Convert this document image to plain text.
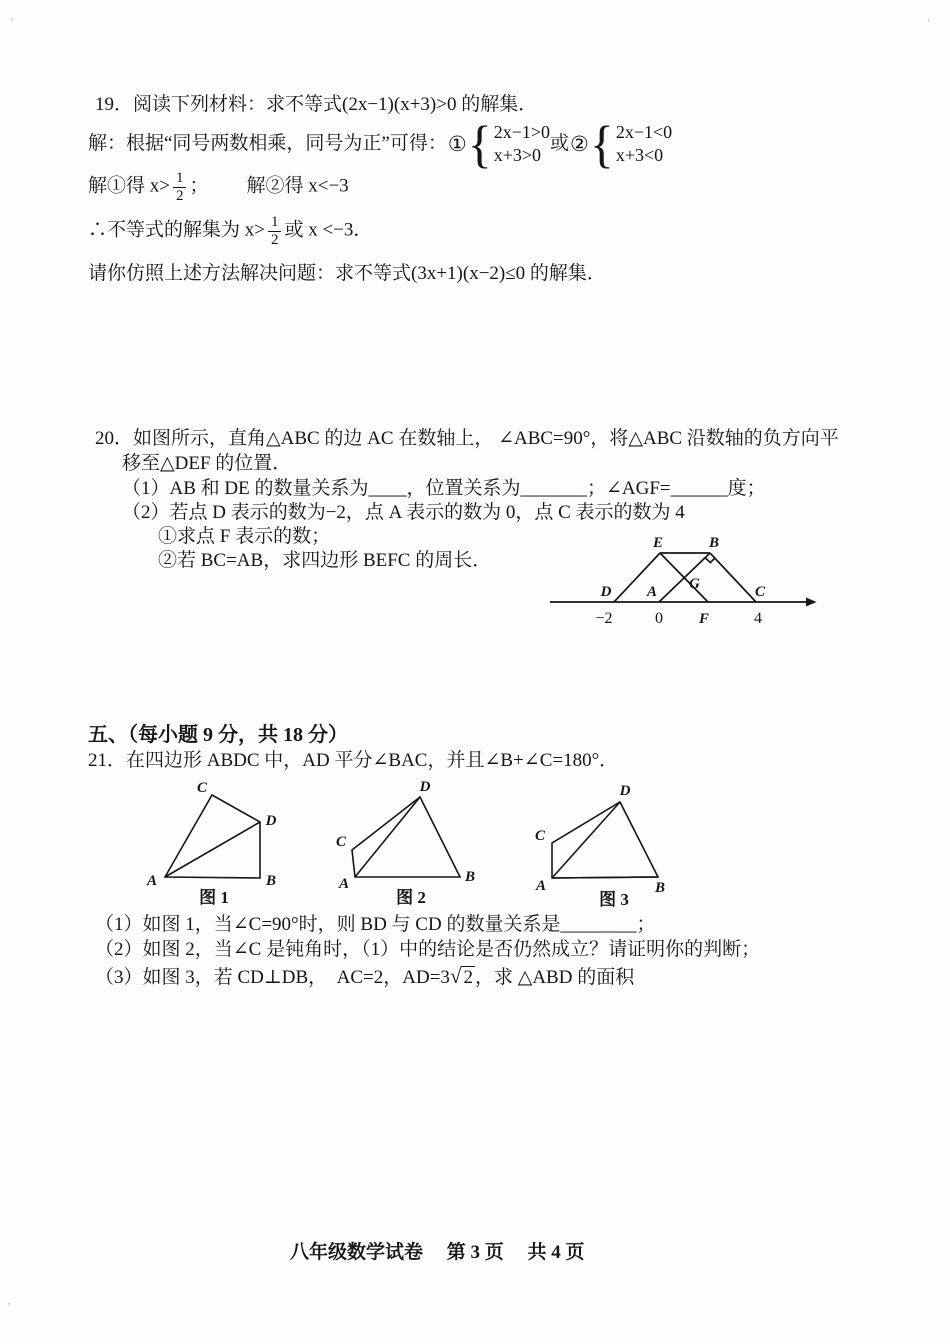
'	'
,
19．阅读下列材料：求不等式(2x−1)(x+3)>0 的解集．
解：根据“同号两数相乘，同号为正”可得： ① { 2x−1>0
x+3>0
或 ② { 2x−1<0
x+3<0
解①得 $x> \frac{1}{2}$ ； 解②得 x<−3
∴不等式的解集为 $x> \frac{1}{2}$ 或 x <−3．
请你仿照上述方法解决问题：求不等式(3x+1)(x−2)≤0 的解集．
20．如图所示，直角△ABC 的边 AC 在数轴上， ∠ABC=90°，将△ABC 沿数轴的负方向平
移至△DEF 的位置．
（1）AB 和 DE 的数量关系为____，位置关系为_______；∠AGF=______度；
（2）若点 D 表示的数为−2，点 A 表示的数为 0，点 C 表示的数为 4
①求点 F 表示的数；
②若 BC=AB，求四边形 BEFC 的周长．
E	B
G
D A	C
−2	0 F	4
五、（每小题 9 分，共 18 分）
21．在四边形 ABDC 中，AD 平分∠BAC，并且∠B+∠C=180°．
A	B
C
D
图 1
A	B
C
D
图 2
A	B
C
D
图 3
（1）如图 1，当∠C=90°时，则 BD 与 CD 的数量关系是________；
（2）如图 2，当∠C 是钝角时，（1）中的结论是否仍然成立？请证明你的判断；
（3）如图 3，若 CD⊥DB，　AC=2，AD=3√ 2 ，求 △ABD 的面积
八年级数学试卷　 第 3 页 　共 4 页
